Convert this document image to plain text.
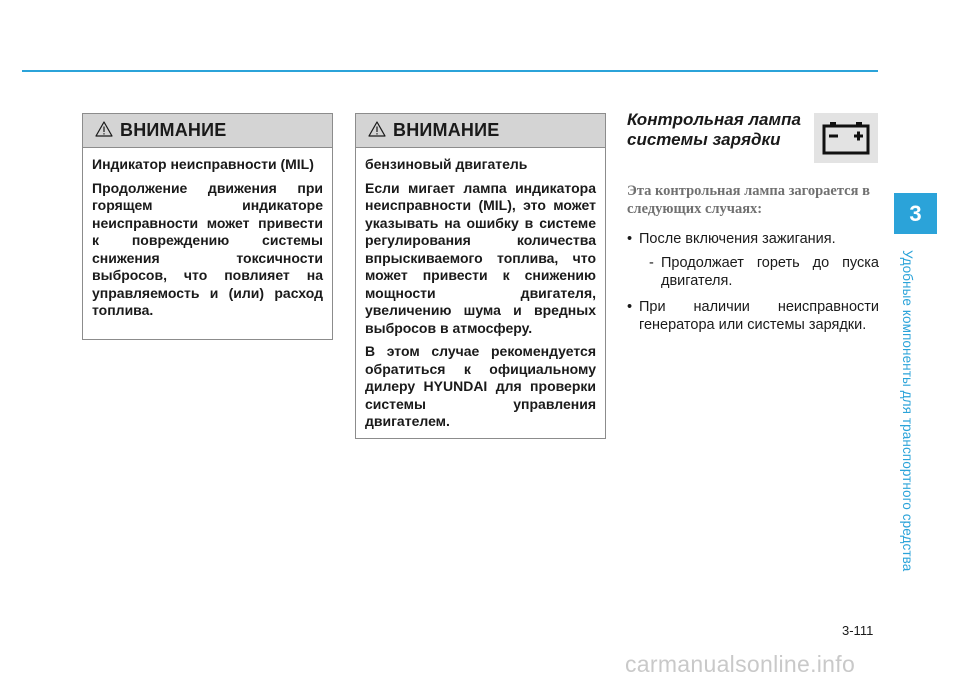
ВНИМАНИЕ

Индикатор неисправности (MIL)

Продолжение движения при горящем индикаторе неисправности может привести к повреждению системы снижения токсичности выбросов, что повлияет на управляемость и (или) расход топлива.

ВНИМАНИЕ

бензиновый двигатель

Если мигает лампа индикатора неисправности (MIL), это может указывать на ошибку в системе регулирования количества впрыскиваемого топлива, что может привести к снижению мощности двигателя, увеличению шума и вредных выбросов в атмосферу.

В этом случае рекомендуется обратиться к официальному дилеру HYUNDAI для проверки системы управления двигателем.

Контрольная лампа системы зарядки
Эта контрольная лампа загорается в следующих случаях:
• После включения зажигания.
- Продолжает гореть до пуска двигателя.
• При наличии неисправности генератора или системы зарядки.
3
Удобные компоненты для транспортного средства
3-111
carmanualsonline.info
